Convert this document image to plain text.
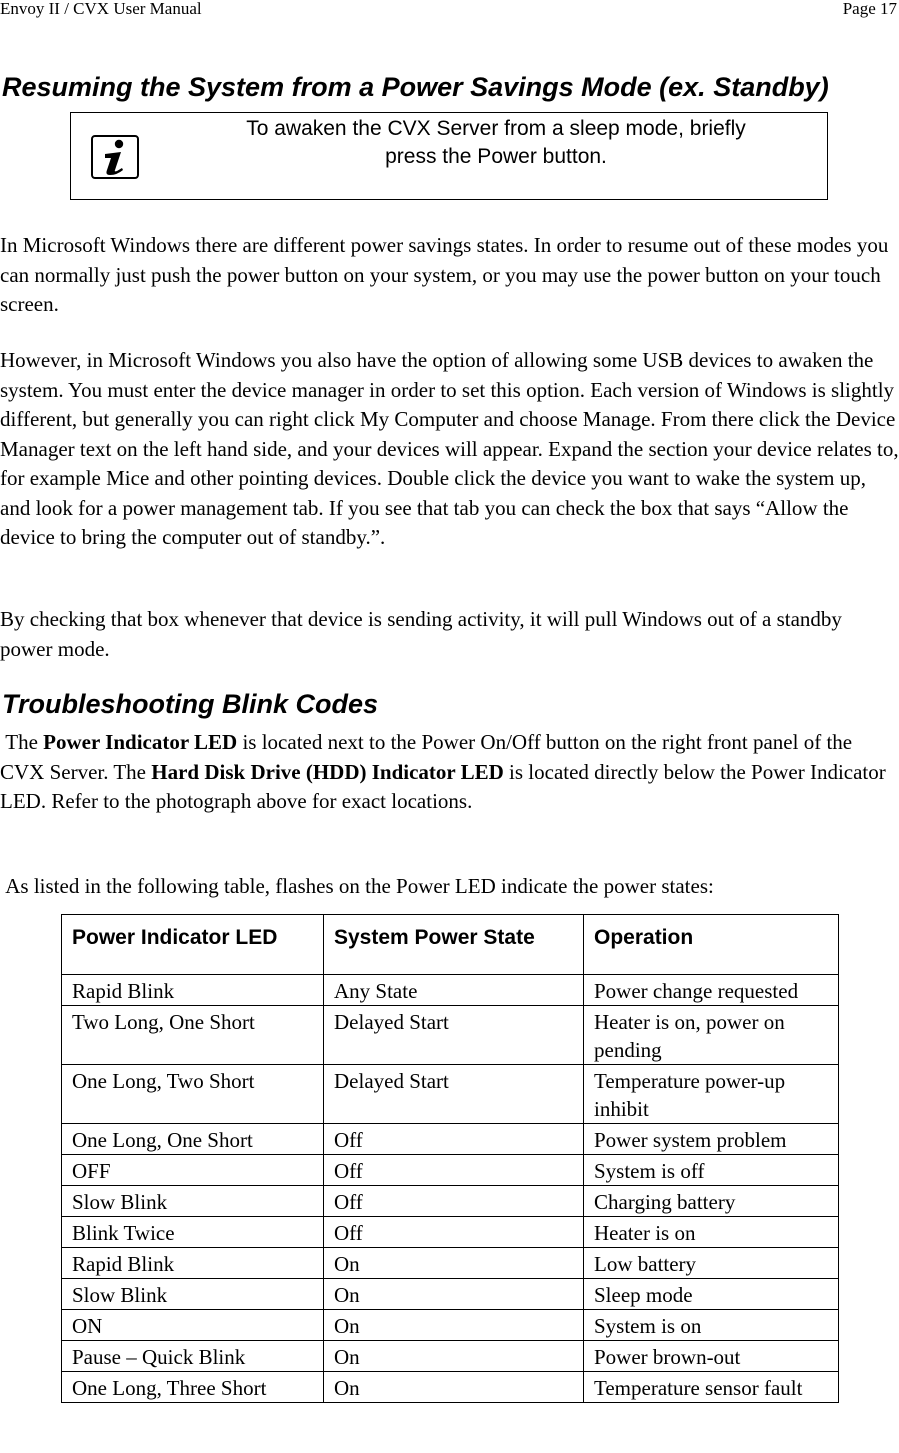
Envoy II / CVX User Manual	Page 17
Resuming the System from a Power Savings Mode (ex. Standby)
To awaken the CVX Server from a sleep mode, briefly
press the Power button.

In Microsoft Windows there are different power savings states. In order to resume out of these modes you can normally just push the power button on your system, or you may use the power button on your touch screen.

However, in Microsoft Windows you also have the option of allowing some USB devices to awaken the system. You must enter the device manager in order to set this option. Each version of Windows is slightly different, but generally you can right click My Computer and choose Manage. From there click the Device Manager text on the left hand side, and your devices will appear. Expand the section your device relates to, for example Mice and other pointing devices. Double click the device you want to wake the system up, and look for a power management tab. If you see that tab you can check the box that says “Allow the device to bring the computer out of standby.”.

By checking that box whenever that device is sending activity, it will pull Windows out of a standby power mode.

Troubleshooting Blink Codes

The Power Indicator LED is located next to the Power On/Off button on the right front panel of the CVX Server. The Hard Disk Drive (HDD) Indicator LED is located directly below the Power Indicator LED. Refer to the photograph above for exact locations.

As listed in the following table, flashes on the Power LED indicate the power states:

Power Indicator LED	System Power State	Operation
Rapid Blink	Any State	Power change requested
Two Long, One Short	Delayed Start	Heater is on, power on pending
One Long, Two Short	Delayed Start	Temperature power-up inhibit
One Long, One Short	Off	Power system problem
OFF	Off	System is off
Slow Blink	Off	Charging battery
Blink Twice	Off	Heater is on
Rapid Blink	On	Low battery
Slow Blink	On	Sleep mode
ON	On	System is on
Pause – Quick Blink	On	Power brown-out
One Long, Three Short	On	Temperature sensor fault
